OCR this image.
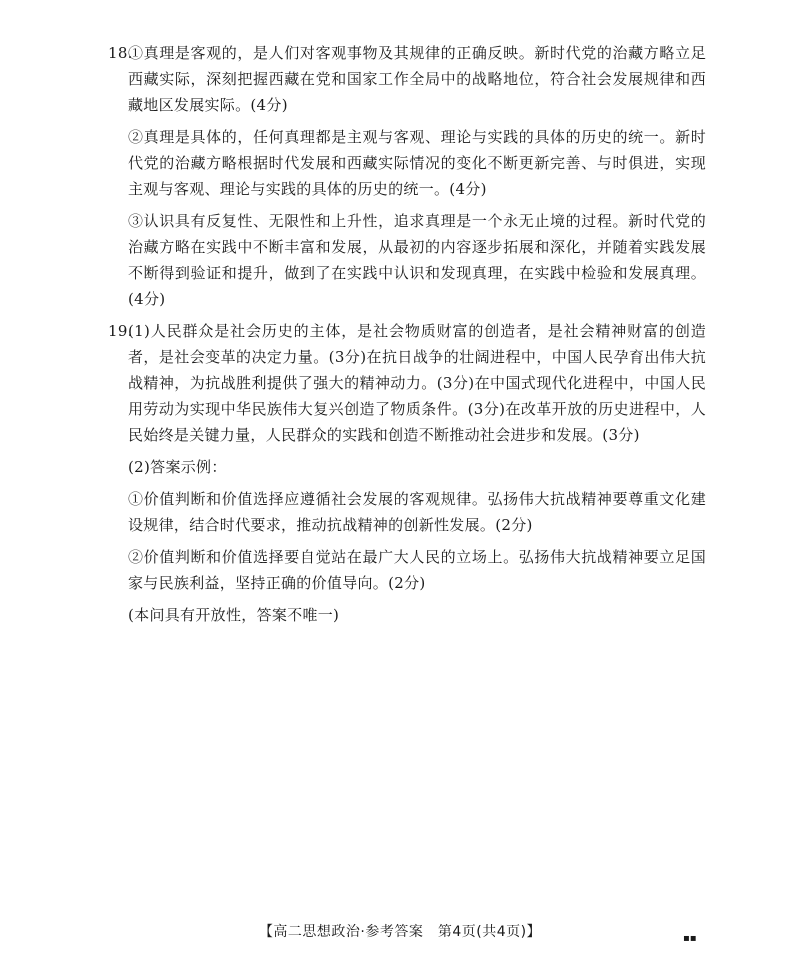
18.

①真理是客观的，是人们对客观事物及其规律的正确反映。新时代党的治藏方略立足西藏实际，深刻把握西藏在党和国家工作全局中的战略地位，符合社会发展规律和西藏地区发展实际。(4分)

②真理是具体的，任何真理都是主观与客观、理论与实践的具体的历史的统一。新时代党的治藏方略根据时代发展和西藏实际情况的变化不断更新完善、与时俱进，实现主观与客观、理论与实践的具体的历史的统一。(4分)

③认识具有反复性、无限性和上升性，追求真理是一个永无止境的过程。新时代党的治藏方略在实践中不断丰富和发展，从最初的内容逐步拓展和深化，并随着实践发展不断得到验证和提升，做到了在实践中认识和发现真理，在实践中检验和发展真理。(4分)

19.

(1)人民群众是社会历史的主体，是社会物质财富的创造者，是社会精神财富的创造者，是社会变革的决定力量。(3分)在抗日战争的壮阔进程中，中国人民孕育出伟大抗战精神，为抗战胜利提供了强大的精神动力。(3分)在中国式现代化进程中，中国人民用劳动为实现中华民族伟大复兴创造了物质条件。(3分)在改革开放的历史进程中，人民始终是关键力量，人民群众的实践和创造不断推动社会进步和发展。(3分)

(2)答案示例：

①价值判断和价值选择应遵循社会发展的客观规律。弘扬伟大抗战精神要尊重文化建设规律，结合时代要求，推动抗战精神的创新性发展。(2分)

②价值判断和价值选择要自觉站在最广大人民的立场上。弘扬伟大抗战精神要立足国家与民族利益，坚持正确的价值导向。(2分)

(本问具有开放性，答案不唯一)

【高二思想政治·参考答案　第4页(共4页)】	▪▪
